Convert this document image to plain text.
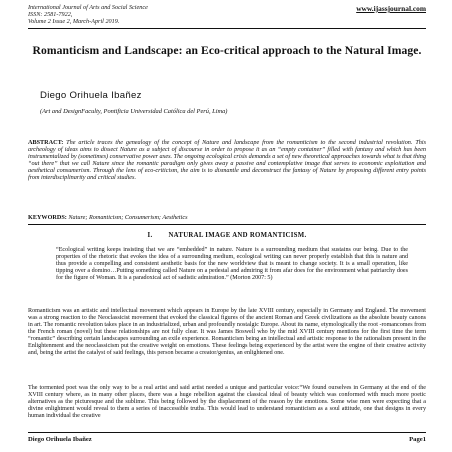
International Journal of Arts and Social Science
ISSN: 2581-7922,
Volume 2 Issue 2, March-April 2019.
www.ijassjournal.com
Romanticism and Landscape: an Eco-critical approach to the Natural Image.
Diego Orihuela Ibañez
(Art and DesignFaculty, Pontificia Universidad Católica del Perú, Lima)
ABSTRACT: The article traces the genealogy of the concept of Nature and landscape from the romanticism to the second industrial revolution. This archeology of ideas aims to dissect Nature as a subject of discourse in order to propose it as an “empty container” filled with fantasy and which has been instrumentalized by (sometimes) conservative power axes. The ongoing ecological crisis demands a set of new theoretical approaches towards what is that thing “out there” that we call Nature since the romantic paradigm only gives away a passive and contemplative image that serves to economic exploitation and aesthetical consumerism. Through the lens of eco-criticism, the aim is to dismantle and deconstruct the fantasy of Nature by proposing different entry points from interdisciplinarity and critical studies.
KEYWORDS: Nature; Romanticism; Consumerism; Aesthetics
I.        NATURAL IMAGE AND ROMANTICISM.
“Ecological writing keeps insisting that we are “embedded” in nature. Nature is a surrounding medium that sustains our being. Due to the properties of the rhetoric that evokes the idea of a surrounding medium, ecological writing can never properly establish that this is nature and thus provide a compelling and consistent aesthetic basis for the new worldview that is meant to change society. It is a small operation, like tipping over a domino…Putting something called Nature on a pedestal and admiring it from afar does for the environment what patriarchy does for the figure of Woman. It is a paradoxical act of sadistic admiration.” (Morton 2007: 5)
Romanticism was an artistic and intellectual movement which appears in Europe by the late XVIII century, especially in Germany and England. The movement was a strong reaction to the Neoclassicist movement that evoked the classical figures of the ancient Roman and Greek civilizations as the absolute beauty canons in art. The romantic revolution takes place in an industrialized, urban and profoundly nostalgic Europe. About its name, etymologically the root -romancomes from the French roman (novel) but these relationships are not fully clear. It was James Boswell who by the mid XVIII century mentions for the first time the term “romantic” describing certain landscapes surrounding an exile experience. Romanticism being an intellectual and artistic response to the rationalism present in the Enlightenment and the neoclassicism put the creative weight on emotions. These feelings being experienced by the artist were the engine of their creative activity and, being the artist the catalyst of said feelings, this person became a creator/genius, an enlightened one.
The tormented poet was the only way to be a real artist and said artist needed a unique and particular voice:“We found ourselves in Germany at the end of the XVIII century where, as in many other places, there was a huge rebellion against the classical ideal of beauty which was conformed with much more poetic alternatives as the picturesque and the sublime. This being followed by the displacement of the reason by the emotions. Some wise men were expecting that a divine enlightment would reveal to them a series of inaccessible truths. This would lead to understand romanticism as a soul attitude, one that designs in every human individual the creative
Diego Orihuela Ibañez	Page1
